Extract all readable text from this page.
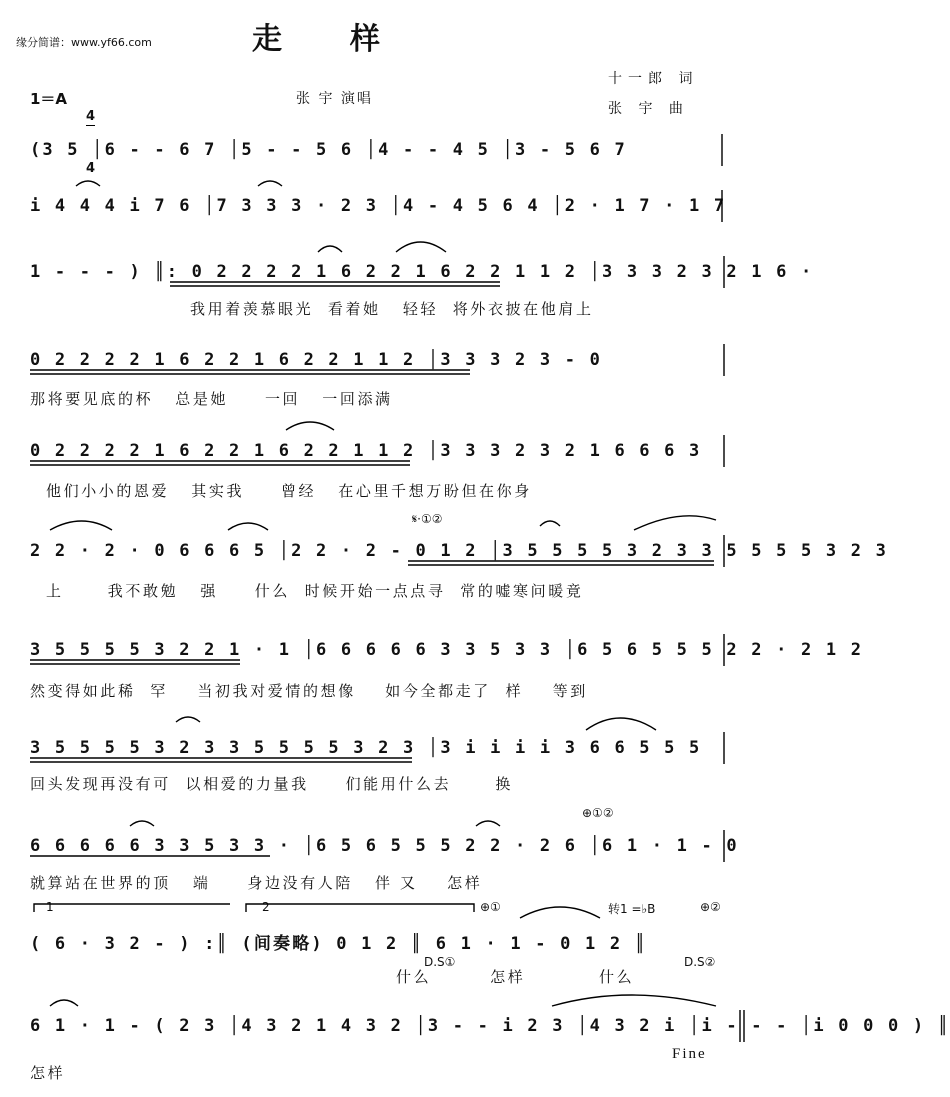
缘分简谱：www.yf66.com	走样
1＝A

4

4

张 宇 演唱
十一郎 词
张 宇 曲
(3 5 │6 - - 6 7 │5 - - 5 6 │4 - - 4 5 │3 - 5 6 7
i 4 4 4 i 7 6 │7 3 3 3 · 2 3 │4 - 4 5 6 4 │2 · 1 7 · 1 7
1 - - - ) ║: 0 2 2 2 2 1 6 2 2 1 6 2 2 1 1 2 │3 3 3 2 3 2 1 6 ·
0 2 2 2 2 1 6 2 2 1 6 2 2 1 1 2 │3 3 3 2 3 - 0
0 2 2 2 2 1 6 2 2 1 6 2 2 1 1 2 │3 3 3 2 3 2 1 6 6 6 3
2 2 · 2 · 0 6 6 6 5 │2 2 · 2 - 0 1 2 │3 5 5 5 5 3 2 3 3 5 5 5 5 3 2 3
3 5 5 5 5 3 2 2 1 · 1 │6 6 6 6 6 3 3 5 3 3 │6 5 6 5 5 5 2 2 · 2 1 2
3 5 5 5 5 3 2 3 3 5 5 5 5 3 2 3 │3 i i i i 3 6 6 5 5 5
6 6 6 6 6 3 3 5 3 3 · │6 5 6 5 5 5 2 2 · 2 6 │6 1 · 1 - 0
( 6 · 3 2 - ) :║ (间奏略) 0 1 2 ║ 6 1 · 1 - 0 1 2 ║
6 1 · 1 - ( 2 3 │4 3 2 1 4 3 2 │3 - - i 2 3 │4 3 2 i │i - - - │i 0 0 0 ) ║
我用着羡慕眼光  看着她   轻轻  将外衣披在他肩上
那将要见底的杯   总是她     一回   一回添满
他们小小的恩爱   其实我     曾经   在心里千想万盼但在你身
上      我不敢勉   强     什么  时候开始一点点寻  常的嘘寒问暖竟
然变得如此稀  罕    当初我对爱情的想像    如今全都走了  样    等到
回头发现再没有可  以相爱的力量我     们能用什么去      换
就算站在世界的顶   端     身边没有人陪   伴 又    怎样
什么        怎样          什么
怎样
𝄋·①②
⊕①②
⊕①	⊕②
1	2	转1 =♭B
D.S①	D.S②
Fine
